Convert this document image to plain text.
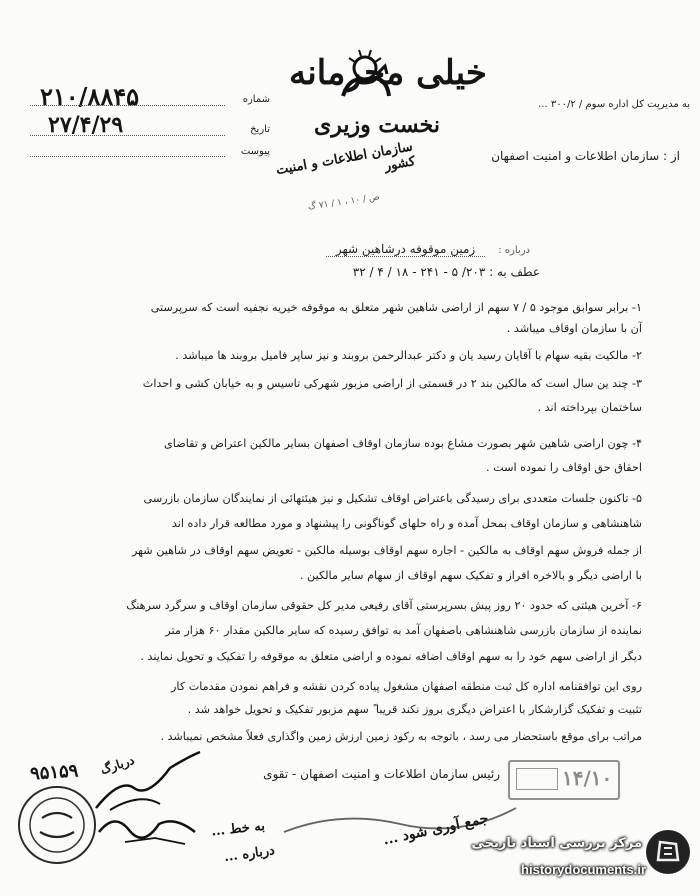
خیلی محرمانه
نخست وزیری
سازمان اطلاعات و امنیت کشور
ص / ۱۰ ، ۱ / ۷۱ گ
به مدیریت کل اداره سوم / ۳۰۰/۲ ...
از : سازمان اطلاعات و امنیت اصفهان
۲۱۰/۸۸۴۵	شماره
۲۷/۴/۲۹	تاریخ
پیوست
درباره : زمین موقوفه درشاهین شهر
عطف به : ۲۰۳/ ۵ - ۲۴۱ - ۱۸ / ۴ / ۳۲
۱- برابر سوابق موجود ۵ / ۷ سهم از اراضی شاهین شهر متعلق به موقوفه خیریه نجفیه است که سرپرستی
آن با سازمان اوقاف میباشد .
۲- مالکیت بقیه سهام با آقایان رسید یان و دکتر عبدالرحمن بروبند و نیز ساپر فامیل بروبند ها میباشد .
۳- چند ین سال است که مالکین بند ۲ در قسمتی از اراضی مزبور شهرکی تاسیس و به خیابان کشی و احداث
ساختمان بپرداخته اند .
۴- چون اراضی شاهین شهر بصورت مشاع بوده سازمان اوقاف اصفهان بسایر مالکین اعتراض و تقاضای
احقاق حق اوقاف را نموده است .
۵- تاکنون جلسات متعددی برای رسیدگی باعتراض اوقاف تشکیل و نیز هیئتهائی از نمایندگان سازمان بازرسی
شاهنشاهی و سازمان اوقاف بمحل آمده و راه حلهای گوناگونی را پیشنهاد و مورد مطالعه قرار داده اند
از جمله فروش سهم اوقاف به مالکین - اجاره سهم اوقاف بوسیله مالکین - تعویض سهم اوقاف در شاهین شهر
با اراضی دیگر و بالاخره افراز و تفکیک سهم اوقاف از سهام سایر مالکین .
۶- آخرین هیئتی که حدود ۲۰ روز پیش بسرپرستی آقای رفیعی مدیر کل حقوقی سازمان اوقاف و سرگرد سرهنگ
نماینده از سازمان بازرسی شاهنشاهی باصفهان آمد به توافق رسیده که سایر مالکین مقدار ۶۰ هزار متر
دیگر از اراضی سهم خود را به سهم اوقاف اضافه نموده و اراضی متعلق به موقوفه را تفکیک و تحویل نمایند .
روی این توافقنامه اداره کل ثبت منطقه اصفهان مشغول پیاده کردن نقشه و فراهم نمودن مقدمات کار
تثبیت و تفکیک گزارشکار با اعتراض دیگری بروز نکند قریبا ً سهم مزبور تفکیک و تحویل خواهد شد .
مراتب برای موقع باستحضار می رسد ، باتوجه به رکود زمین ارزش زمین واگذاری فعلاً مشخص نمیباشد .
رئیس سازمان اطلاعات و امنیت اصفهان - تقوی	۱۴/۱۰
۹۵۱۵۹ دربارگ
به خط ...
درباره ...
جمع آوری شود ...
مرکز بررسی اسناد تاریخی
historydocuments.ir
